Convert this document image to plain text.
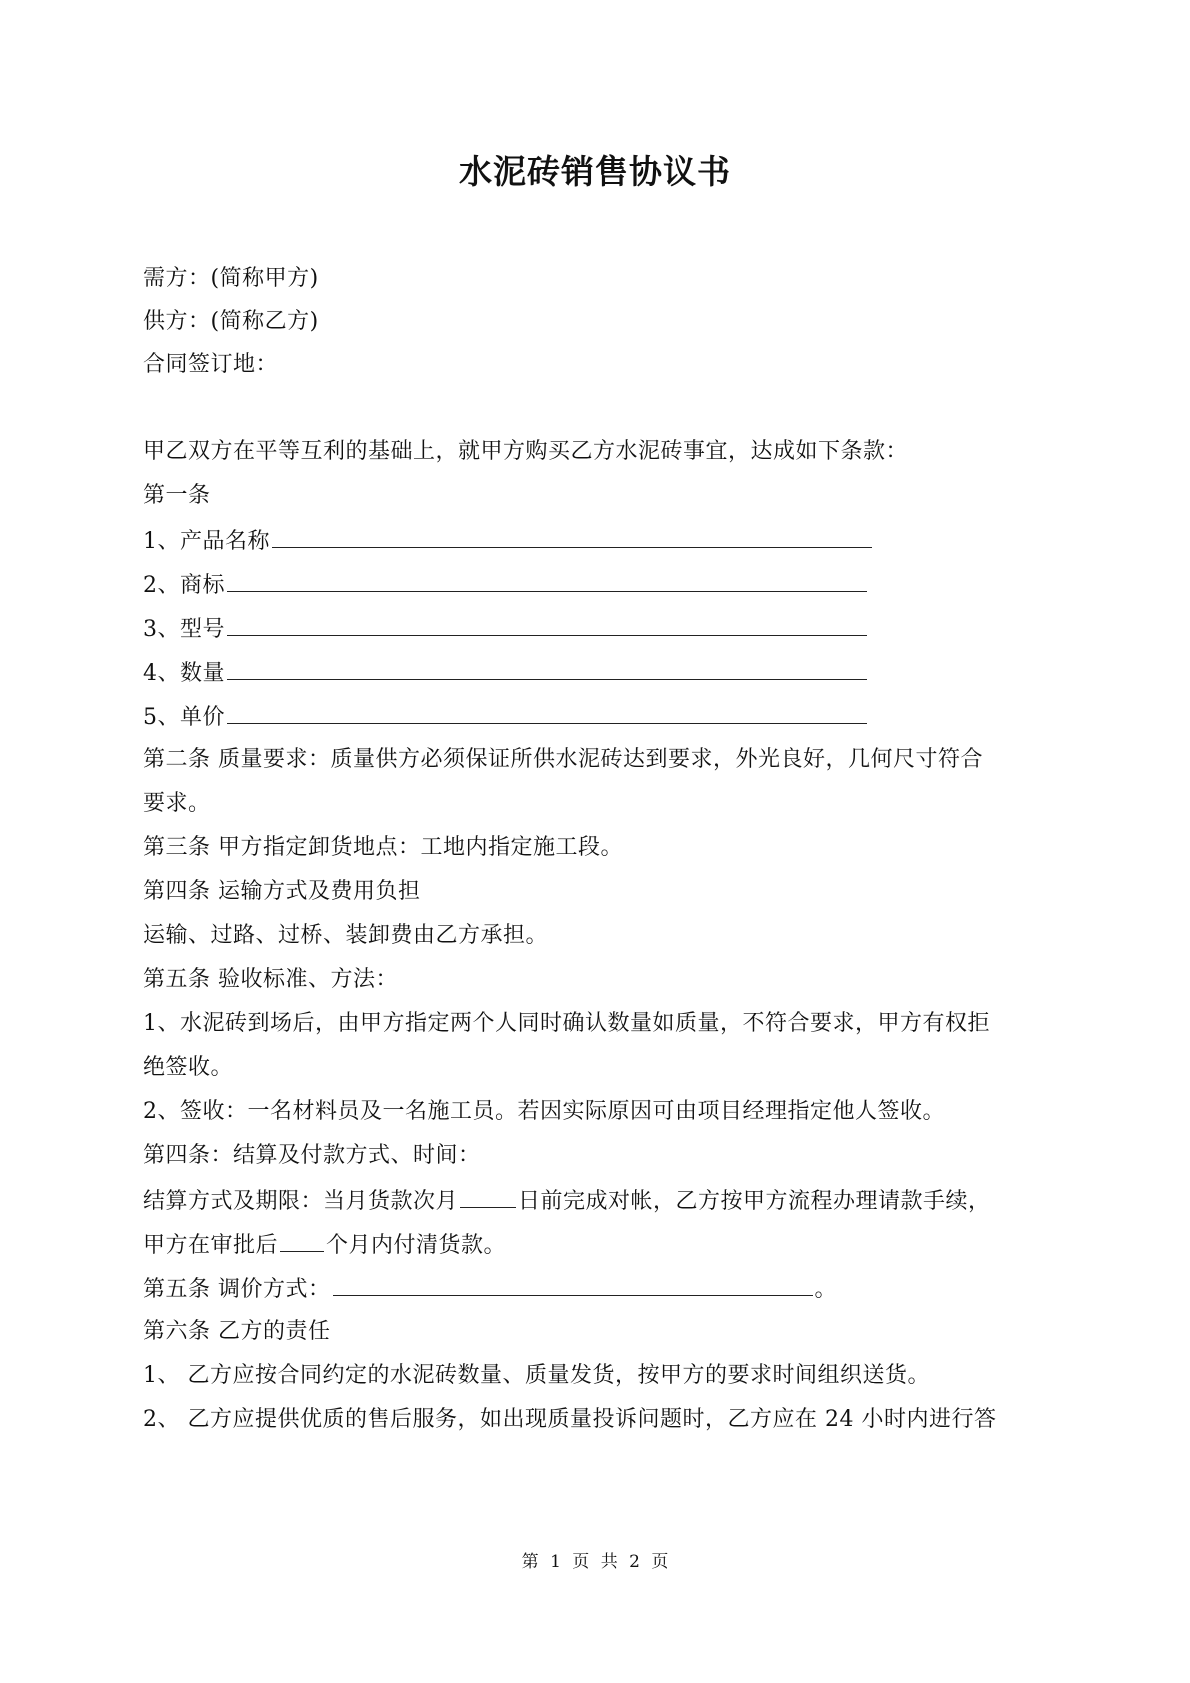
水泥砖销售协议书
需方：(简称甲方)
供方：(简称乙方)
合同签订地：
甲乙双方在平等互利的基础上，就甲方购买乙方水泥砖事宜，达成如下条款：
第一条
1、产品名称
2、商标
3、型号
4、数量
5、单价
第二条 质量要求：质量供方必须保证所供水泥砖达到要求，外光良好，几何尺寸符合
要求。
第三条 甲方指定卸货地点：工地内指定施工段。
第四条 运输方式及费用负担
运输、过路、过桥、装卸费由乙方承担。
第五条 验收标准、方法：
1、水泥砖到场后，由甲方指定两个人同时确认数量如质量，不符合要求，甲方有权拒
绝签收。
2、签收：一名材料员及一名施工员。若因实际原因可由项目经理指定他人签收。
第四条：结算及付款方式、时间：
结算方式及期限：当月货款次月	日前完成对帐，乙方按甲方流程办理请款手续，
甲方在审批后 个月内付清货款。
第五条 调价方式：	。
第六条 乙方的责任
1、 乙方应按合同约定的水泥砖数量、质量发货，按甲方的要求时间组织送货。
2、 乙方应提供优质的售后服务，如出现质量投诉问题时，乙方应在 24 小时内进行答
第 1 页 共 2 页
